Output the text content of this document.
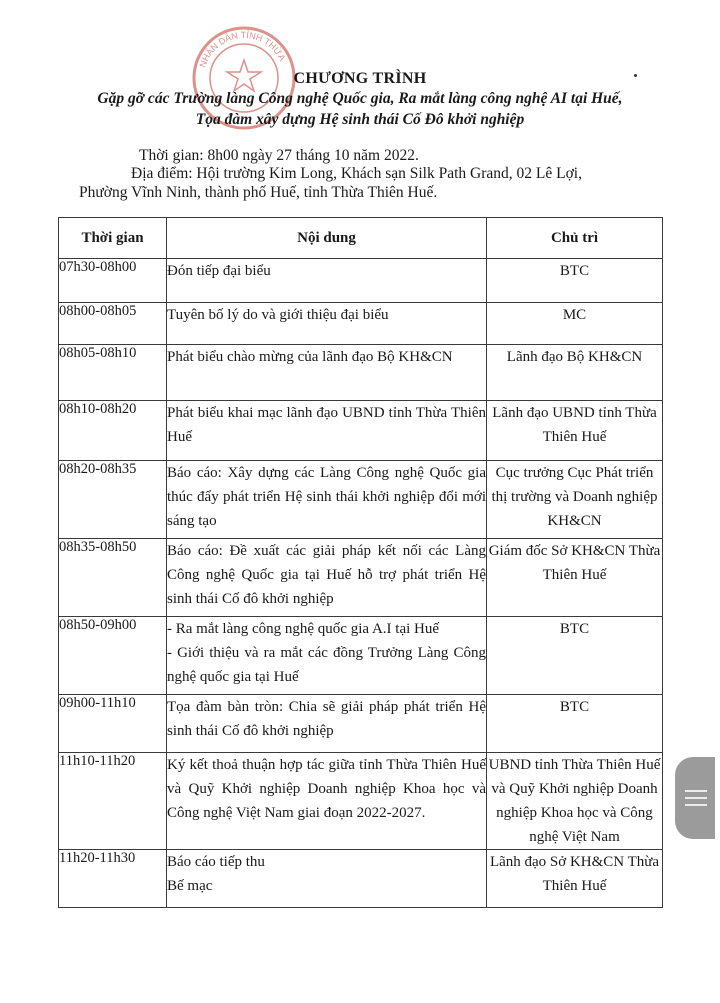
NHÂN DÂN TỈNH THỪA
CHƯƠNG TRÌNH
Gặp gỡ các Trường làng Công nghệ Quốc gia, Ra mắt làng công nghệ AI tại Huế,
Tọa đàm xây dựng Hệ sinh thái Cố Đô khởi nghiệp
Thời gian: 8h00 ngày 27 tháng 10 năm 2022.
Địa điểm: Hội trường Kim Long, Khách sạn Silk Path Grand, 02 Lê Lợi,
Phường Vĩnh Ninh, thành phố Huế, tỉnh Thừa Thiên Huế.
Thời gian	Nội dung	Chủ trì
07h30-08h00	Đón tiếp đại biểu	BTC

08h00-08h05	Tuyên bố lý do và giới thiệu đại biểu	MC

08h05-08h10	Phát biểu chào mừng của lãnh đạo Bộ KH&CN	Lãnh đạo Bộ KH&CN

08h10-08h20	Phát biểu khai mạc lãnh đạo UBND tỉnh Thừa Thiên Huế	Lãnh đạo UBND tỉnh Thừa Thiên Huế

08h20-08h35	Báo cáo: Xây dựng các Làng Công nghệ Quốc gia thúc đẩy phát triển Hệ sinh thái khởi nghiệp đổi mới sáng tạo	Cục trưởng Cục Phát triển thị trường và Doanh nghiệp KH&CN

08h35-08h50	Báo cáo: Đề xuất các giải pháp kết nối các Làng Công nghệ Quốc gia tại Huế hỗ trợ phát triển Hệ sinh thái Cố đô khởi nghiệp	Giám đốc Sở KH&CN Thừa Thiên Huế

08h50-09h00	- Ra mắt làng công nghệ quốc gia A.I tại Huế
- Giới thiệu và ra mắt các đồng Trưởng Làng Công nghệ quốc gia tại Huế	BTC

09h00-11h10	Tọa đàm bàn tròn: Chia sẽ giải pháp phát triển Hệ sinh thái Cố đô khởi nghiệp	BTC

11h10-11h20	Ký kết thoả thuận hợp tác giữa tỉnh Thừa Thiên Huế và Quỹ Khởi nghiệp Doanh nghiệp Khoa học và Công nghệ Việt Nam giai đoạn 2022-2027.	UBND tỉnh Thừa Thiên Huế và Quỹ Khởi nghiệp Doanh nghiệp Khoa học và Công nghệ Việt Nam

11h20-11h30	Báo cáo tiếp thu
Bế mạc	Lãnh đạo Sở KH&CN Thừa Thiên Huế
